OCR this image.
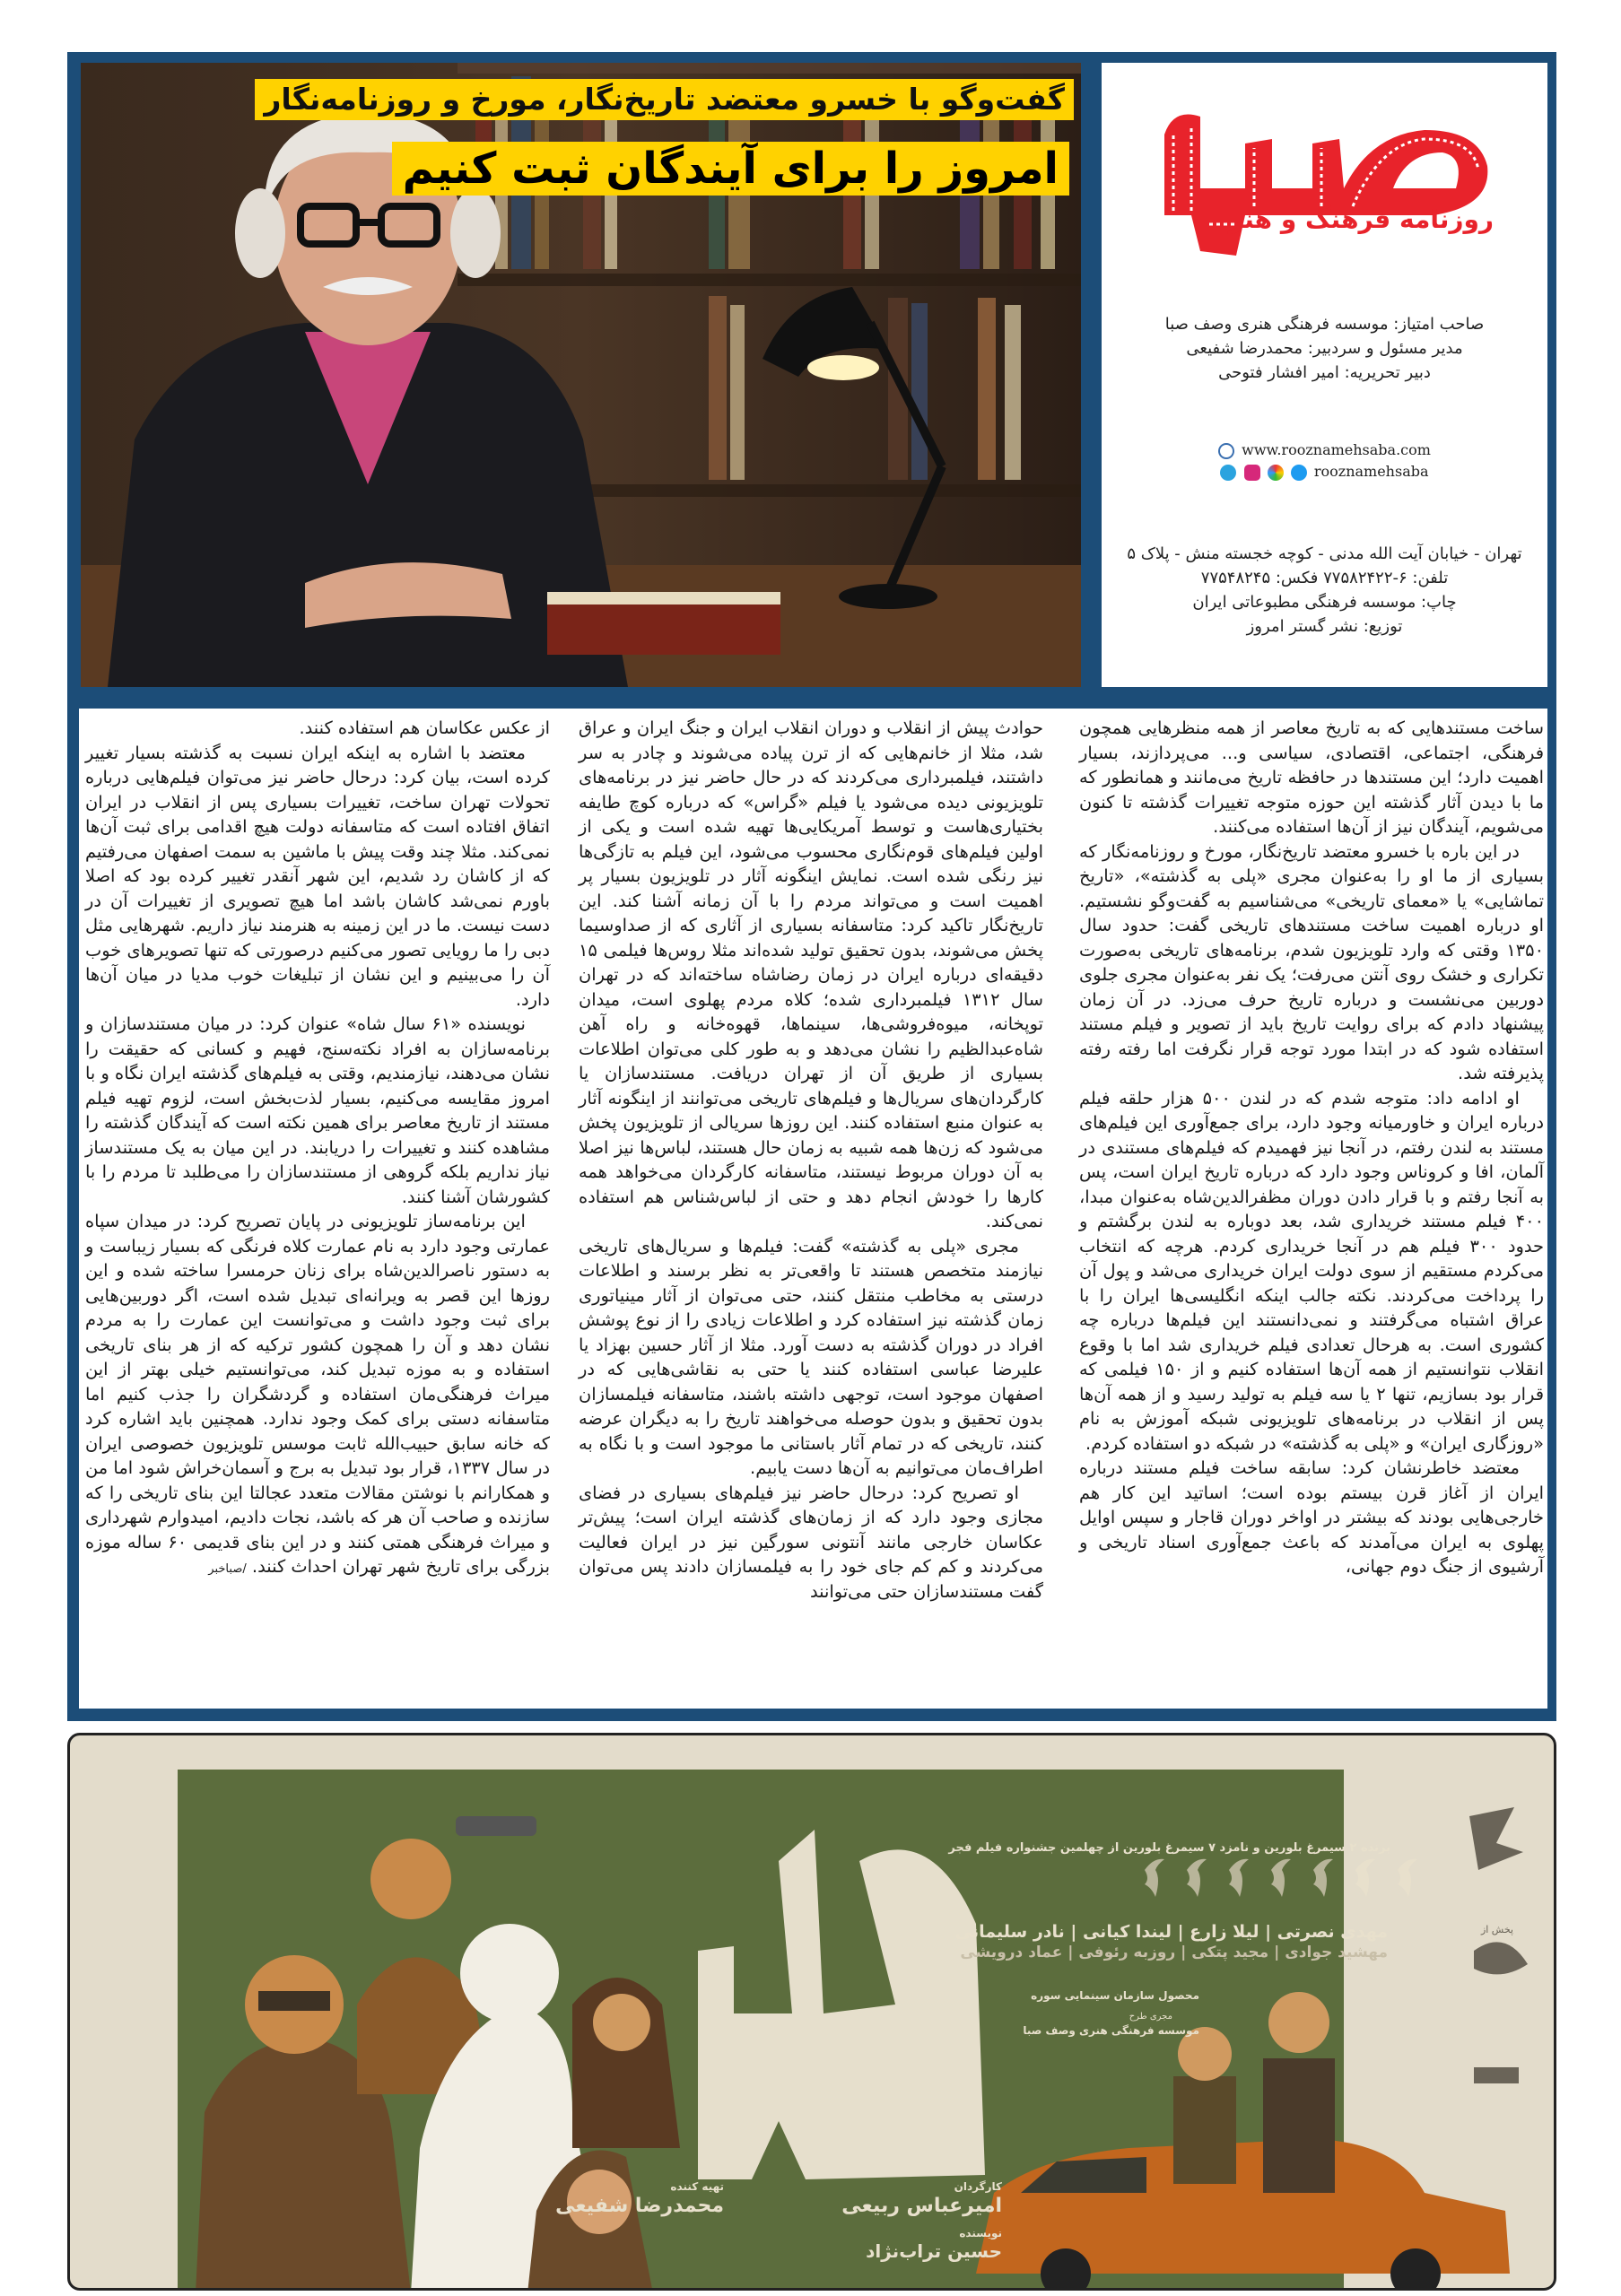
گفت‌وگو با خسرو معتضد تاریخ‌نگار، مورخ و روزنامه‌نگار
امروز را برای آیندگان ثبت کنیم
روزنامه فرهنگ و هنر
صاحب امتیاز: موسسه فرهنگی هنری وصف صبا
مدیر مسئول و سردبیر: محمدرضا شفیعی
دبیر تحریریه: امیر افشار فتوحی
www.rooznamehsaba.com
rooznamehsaba
تهران - خیابان آیت الله مدنی - کوچه خجسته منش - پلاک ۵
تلفن: ۶-۷۷۵۸۲۴۲۲ فکس: ۷۷۵۴۸۲۴۵
چاپ: موسسه فرهنگی مطبوعاتی ایران
توزیع: نشر گستر امروز

ساخت مستندهایی که به تاریخ معاصر از همه منظرهایی همچون فرهنگی، اجتماعی، اقتصادی، سیاسی و... می‌پردازند، بسیار اهمیت دارد؛ این مستندها در حافظه تاریخ می‌مانند و همانطور که ما با دیدن آثار گذشته این حوزه متوجه تغییرات گذشته تا کنون می‌شویم، آیندگان نیز از آن‌ها استفاده می‌کنند.

در این باره با خسرو معتضد تاریخ‌نگار، مورخ و روزنامه‌نگار که بسیاری از ما او را به‌عنوان مجری «پلی به گذشته»، «تاریخ تماشایی» یا «معمای تاریخی» می‌شناسیم به گفت‌وگو نشستیم. او درباره اهمیت ساخت مستندهای تاریخی گفت: حدود سال ۱۳۵۰ وقتی که وارد تلویزیون شدم، برنامه‌های تاریخی به‌صورت تکراری و خشک روی آنتن می‌رفت؛ یک نفر به‌عنوان مجری جلوی دوربین می‌نشست و درباره تاریخ حرف می‌زد. در آن زمان پیشنهاد دادم که برای روایت تاریخ باید از تصویر و فیلم مستند استفاده شود که در ابتدا مورد توجه قرار نگرفت اما رفته رفته پذیرفته شد.

او ادامه داد: متوجه شدم که در لندن ۵۰۰ هزار حلقه فیلم درباره ایران و خاورمیانه وجود دارد، برای جمع‌آوری این فیلم‌های مستند به لندن رفتم، در آنجا نیز فهمیدم که فیلم‌های مستندی در آلمان، افا و کروناس وجود دارد که درباره تاریخ ایران است، پس به آنجا رفتم و با قرار دادن دوران مظفرالدین‌شاه به‌عنوان مبدا، ۴۰۰ فیلم مستند خریداری شد، بعد دوباره به لندن برگشتم و حدود ۳۰۰ فیلم هم در آنجا خریداری کردم. هرچه که انتخاب می‌کردم مستقیم از سوی دولت ایران خریداری می‌شد و پول آن را پرداخت می‌کردند. نکته جالب اینکه انگلیسی‌ها ایران را با عراق اشتباه می‌گرفتند و نمی‌دانستند این فیلم‌ها درباره چه کشوری است. به هرحال تعدادی فیلم خریداری شد اما با وقوع انقلاب نتوانستیم از همه آن‌ها استفاده کنیم و از ۱۵۰ فیلمی که قرار بود بسازیم، تنها ۲ یا سه فیلم به تولید رسید و از همه آن‌ها پس از انقلاب در برنامه‌های تلویزیونی شبکه آموزش به نام «روزگاری ایران» و «پلی به گذشته» در شبکه دو استفاده کردم.

معتضد خاطرنشان کرد: سابقه ساخت فیلم مستند درباره ایران از آغاز قرن بیستم بوده است؛ اساتید این کار هم خارجی‌هایی بودند که بیشتر در اواخر دوران قاجار و سپس اوایل پهلوی به ایران می‌آمدند که باعث جمع‌آوری اسناد تاریخی و آرشیوی از جنگ دوم جهانی،

حوادث پیش از انقلاب و دوران انقلاب ایران و جنگ ایران و عراق شد، مثلا از خانم‌هایی که از ترن پیاده می‌شوند و چادر به سر داشتند، فیلمبرداری می‌کردند که در حال حاضر نیز در برنامه‌های تلویزیونی دیده می‌شود یا فیلم «گراس» که درباره کوچ طایفه بختیاری‌هاست و توسط آمریکایی‌ها تهیه شده است و یکی از اولین فیلم‌های قوم‌نگاری محسوب می‌شود، این فیلم به تازگی‌ها نیز رنگی شده است. نمایش اینگونه آثار در تلویزیون بسیار پر اهمیت است و می‌تواند مردم را با آن زمانه آشنا کند. این تاریخ‌نگار تاکید کرد: متاسفانه بسیاری از آثاری که از صداوسیما پخش می‌شوند، بدون تحقیق تولید شده‌اند مثلا روس‌ها فیلمی ۱۵ دقیقه‌ای درباره ایران در زمان رضاشاه ساخته‌اند که در تهران سال ۱۳۱۲ فیلمبرداری شده؛ کلاه مردم پهلوی است، میدان توپخانه، میوه‌فروشی‌ها، سینماها، قهوه‌خانه و راه آهن شاه‌عبدالظیم را نشان می‌دهد و به طور کلی می‌توان اطلاعات بسیاری از طریق آن از تهران دریافت. مستندسازان یا کارگردان‌های سریال‌ها و فیلم‌های تاریخی می‌توانند از اینگونه آثار به عنوان منبع استفاده کنند. این روزها سریالی از تلویزیون پخش می‌شود که زن‌ها همه شبیه به زمان حال هستند، لباس‌ها نیز اصلا به آن دوران مربوط نیستند، متاسفانه کارگردان می‌خواهد همه کارها را خودش انجام دهد و حتی از لباس‌شناس هم استفاده نمی‌کند.

مجری «پلی به گذشته» گفت: فیلم‌ها و سریال‌های تاریخی نیازمند متخصص هستند تا واقعی‌تر به نظر برسند و اطلاعات درستی به مخاطب منتقل کنند، حتی می‌توان از آثار مینیاتوری زمان گذشته نیز استفاده کرد و اطلاعات زیادی را از نوع پوشش افراد در دوران گذشته به دست آورد. مثلا از آثار حسین بهزاد یا علیرضا عباسی استفاده کنند یا حتی به نقاشی‌هایی که در اصفهان موجود است، توجهی داشته باشند، متاسفانه فیلمسازان بدون تحقیق و بدون حوصله می‌خواهند تاریخ را به دیگران عرضه کنند، تاریخی که در تمام آثار باستانی ما موجود است و با نگاه به اطراف‌مان می‌توانیم به آن‌ها دست یابیم.

او تصریح کرد: درحال حاضر نیز فیلم‌های بسیاری در فضای مجازی وجود دارد که از زمان‌های گذشته ایران است؛ پیش‌تر عکاسان خارجی مانند آنتونی سورگین نیز در ایران فعالیت می‌کردند و کم کم جای خود را به فیلمسازان دادند پس می‌توان گفت مستندسازان حتی می‌توانند

از عکس عکاسان هم استفاده کنند.

معتضد با اشاره به اینکه ایران نسبت به گذشته بسیار تغییر کرده است، بیان کرد: درحال حاضر نیز می‌توان فیلم‌هایی درباره تحولات تهران ساخت، تغییرات بسیاری پس از انقلاب در ایران اتفاق افتاده است که متاسفانه دولت هیچ اقدامی برای ثبت آن‌ها نمی‌کند. مثلا چند وقت پیش با ماشین به سمت اصفهان می‌رفتیم که از کاشان رد شدیم، این شهر آنقدر تغییر کرده بود که اصلا باورم نمی‌شد کاشان باشد اما هیچ تصویری از تغییرات آن در دست نیست. ما در این زمینه به هنرمند نیاز داریم. شهرهایی مثل دبی را ما رویایی تصور می‌کنیم درصورتی که تنها تصویرهای خوب آن را می‌بینیم و این نشان از تبلیغات خوب مدیا در میان آن‌ها دارد.

نویسنده «۶۱ سال شاه» عنوان کرد: در میان مستندسازان و برنامه‌سازان به افراد نکته‌سنج، فهیم و کسانی که حقیقت را نشان می‌دهند، نیازمندیم، وقتی به فیلم‌های گذشته ایران نگاه و با امروز مقایسه می‌کنیم، بسیار لذت‌بخش است، لزوم تهیه فیلم مستند از تاریخ معاصر برای همین نکته است که آیندگان گذشته را مشاهده کنند و تغییرات را دریابند. در این میان به یک مستندساز نیاز نداریم بلکه گروهی از مستندسازان را می‌طلبد تا مردم را با کشورشان آشنا کنند.

این برنامه‌ساز تلویزیونی در پایان تصریح کرد: در میدان سپاه عمارتی وجود دارد به نام عمارت کلاه فرنگی که بسیار زیباست و به دستور ناصرالدین‌شاه برای زنان حرمسرا ساخته شده و این روزها این قصر به ویرانه‌ای تبدیل شده است، اگر دوربین‌هایی برای ثبت وجود داشت و می‌توانست این عمارت را به مردم نشان دهد و آن را همچون کشور ترکیه که از هر بنای تاریخی استفاده و به موزه تبدیل کند، می‌توانستیم خیلی بهتر از این میراث فرهنگی‌مان استفاده و گردشگران را جذب کنیم اما متاسفانه دستی برای کمک وجود ندارد. همچنین باید اشاره کرد که خانه سابق حبیب‌الله ثابت موسس تلویزیون خصوصی ایران در سال ۱۳۳۷، قرار بود تبدیل به برج و آسمان‌خراش شود اما من و همکارانم با نوشتن مقالات متعدد عجالتا این بنای تاریخی را که سازنده و صاحب آن هر که باشد، نجات دادیم، امیدوارم شهرداری و میراث فرهنگی همتی کنند و در این بنای قدیمی ۶۰ ساله موزه بزرگی برای تاریخ شهر تهران احداث کنند. /صباخبر

برنده ۲ سیمرغ بلورین و نامزد ۷ سیمرغ بلورین از چهلمین جشنواره فیلم فجر
مهدی نصرتی | لیلا زارع | لیندا کیانی | نادر سلیمانی
مهشید جوادی | مجید پتکی | روزبه رئوفی | عماد درویشی
محصول سازمان سینمایی سوره
مجری طرح
موسسه فرهنگی هنری وصف صبا
پخش از
کارگردان
امیرعباس ربیعی
تهیه کننده
محمدرضا شفیعی
نویسنده
حسین تراب‌نژاد
